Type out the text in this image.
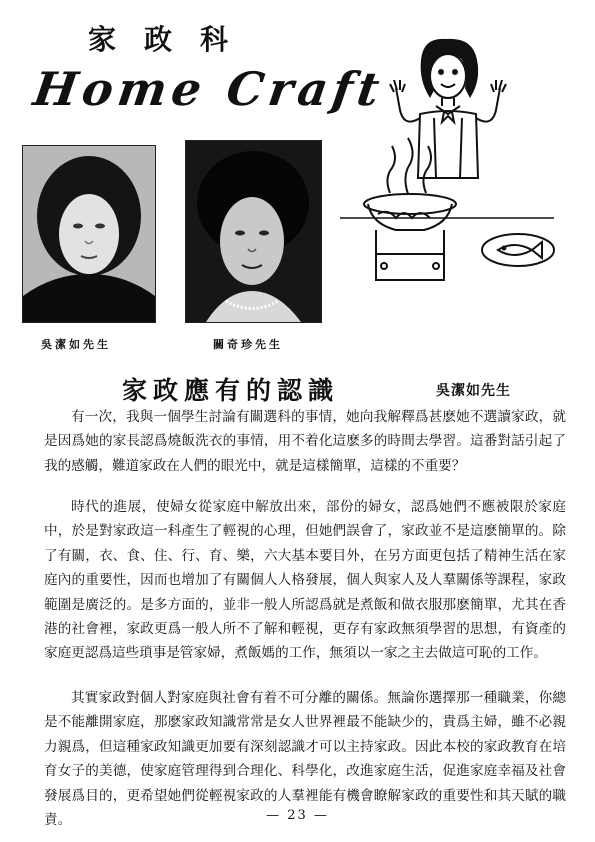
家政科
Home Craft
吳潔如先生	關奇珍先生
家政應有的認識	吳潔如先生
有一次，我與一個學生討論有關選科的事情，她向我解釋爲甚麽她不選讀家政，就是因爲她的家長認爲燒飯洗衣的事情，用不着化這麽多的時間去學習。這番對話引起了我的感觸，難道家政在人們的眼光中，就是這樣簡單，這樣的不重要？
時代的進展，使婦女從家庭中解放出來，部份的婦女，認爲她們不應被限於家庭中，於是對家政這一科產生了輕視的心理，但她們誤會了，家政並不是這麽簡單的。除了有關，衣、食、住、行、育、樂，六大基本要目外，在另方面更包括了精神生活在家庭內的重要性，因而也增加了有關個人人格發展，個人與家人及人羣關係等課程，家政範圍是廣泛的。是多方面的，並非一般人所認爲就是煮飯和做衣服那麽簡單，尤其在香港的社會裡，家政更爲一般人所不了解和輕視，更存有家政無須學習的思想，有資產的家庭更認爲這些瑣事是管家婦，煮飯媽的工作，無須以一家之主去做這可恥的工作。
其實家政對個人對家庭與社會有着不可分離的關係。無論你選擇那一種職業，你總是不能離開家庭，那麽家政知識常常是女人世界裡最不能缺少的，貴爲主婦，雖不必親力親爲，但這種家政知識更加要有深刻認識才可以主持家政。因此本校的家政教育在培育女子的美德，使家庭管理得到合理化、科學化，改進家庭生活，促進家庭幸福及社會發展爲目的，更希望她們從輕視家政的人羣裡能有機會瞭解家政的重要性和其天賦的職責。	— 23 —
